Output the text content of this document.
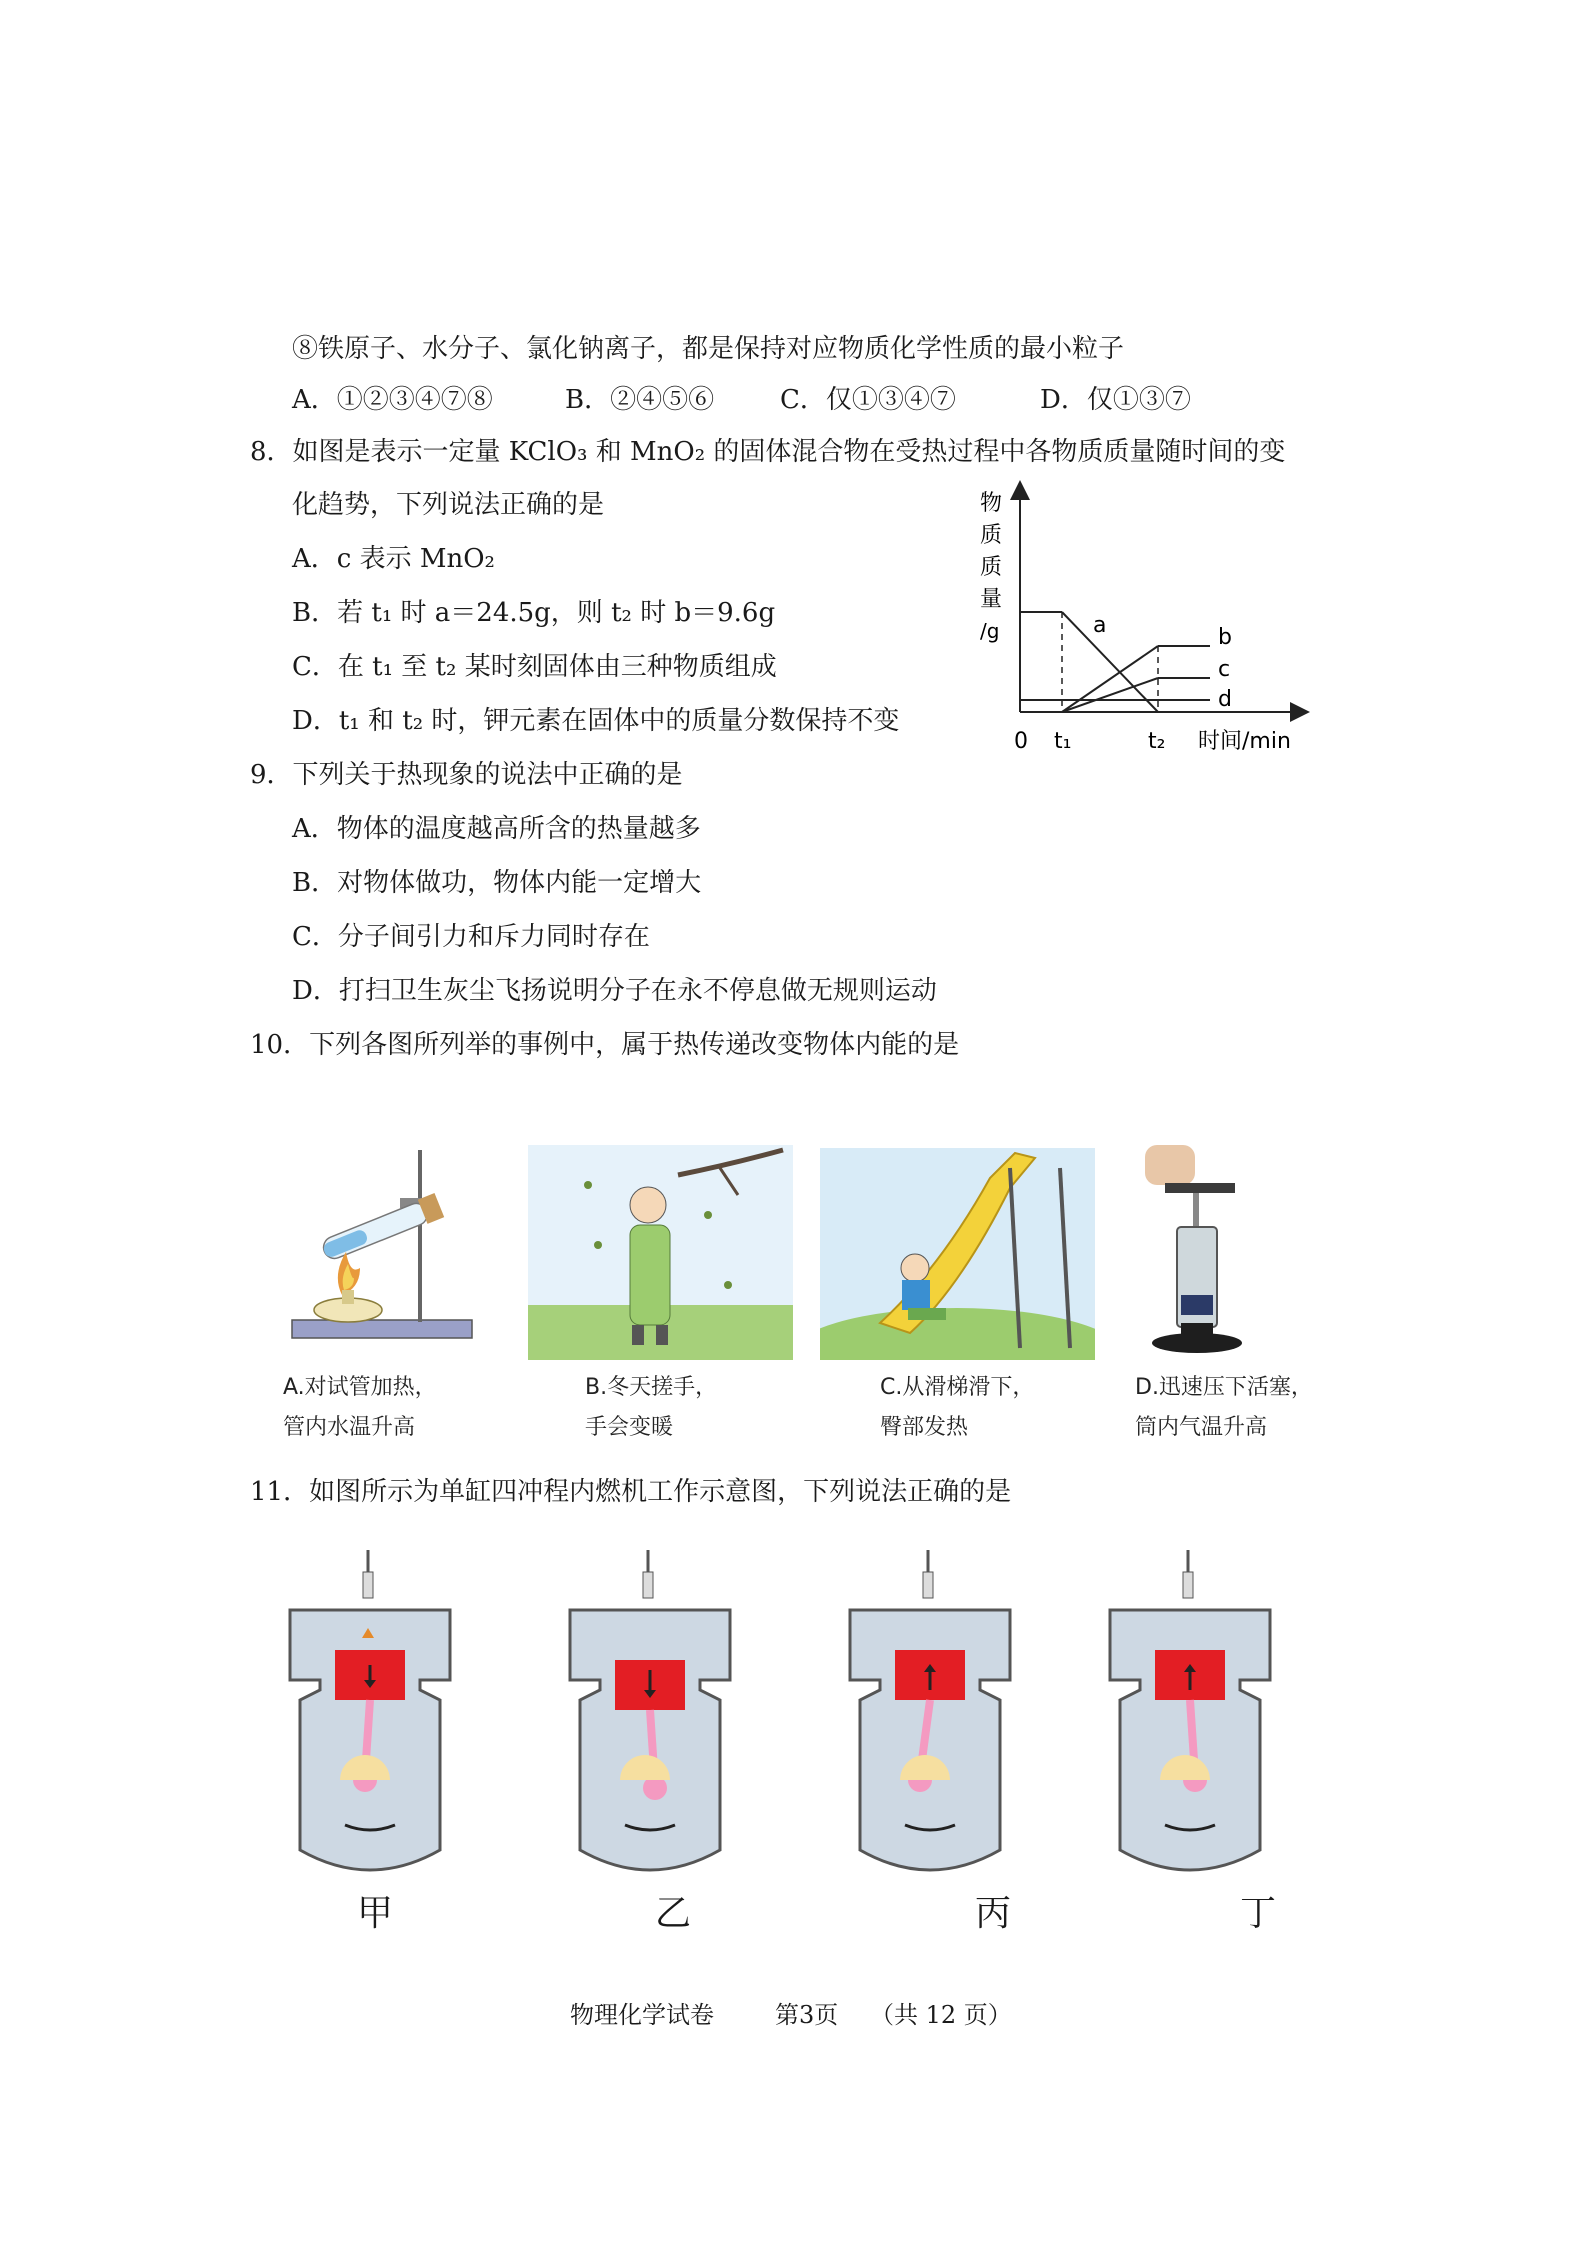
⑧铁原子、水分子、氯化钠离子，都是保持对应物质化学性质的最小粒子
A．①②③④⑦⑧	B．②④⑤⑥	C．仅①③④⑦	D．仅①③⑦
8．如图是表示一定量 KClO₃ 和 MnO₂ 的固体混合物在受热过程中各物质质量随时间的变
化趋势，下列说法正确的是
A．c 表示 MnO₂
B．若 t₁ 时 a＝24.5g，则 t₂ 时 b＝9.6g
C．在 t₁ 至 t₂ 某时刻固体由三种物质组成
D．t₁ 和 t₂ 时，钾元素在固体中的质量分数保持不变
物
质
质
量
/g	a	b
c
d
0 t₁	t₂ 时间/min
9．下列关于热现象的说法中正确的是
A．物体的温度越高所含的热量越多
B．对物体做功，物体内能一定增大
C．分子间引力和斥力同时存在
D．打扫卫生灰尘飞扬说明分子在永不停息做无规则运动
10．下列各图所列举的事例中，属于热传递改变物体内能的是
A.对试管加热，
管内水温升高
B.冬天搓手，
手会变暖
C.从滑梯滑下，
臀部发热
D.迅速压下活塞，
筒内气温升高
11．如图所示为单缸四冲程内燃机工作示意图，下列说法正确的是
甲	乙	丙	丁
物理化学试卷	第3页 （共 12 页）
